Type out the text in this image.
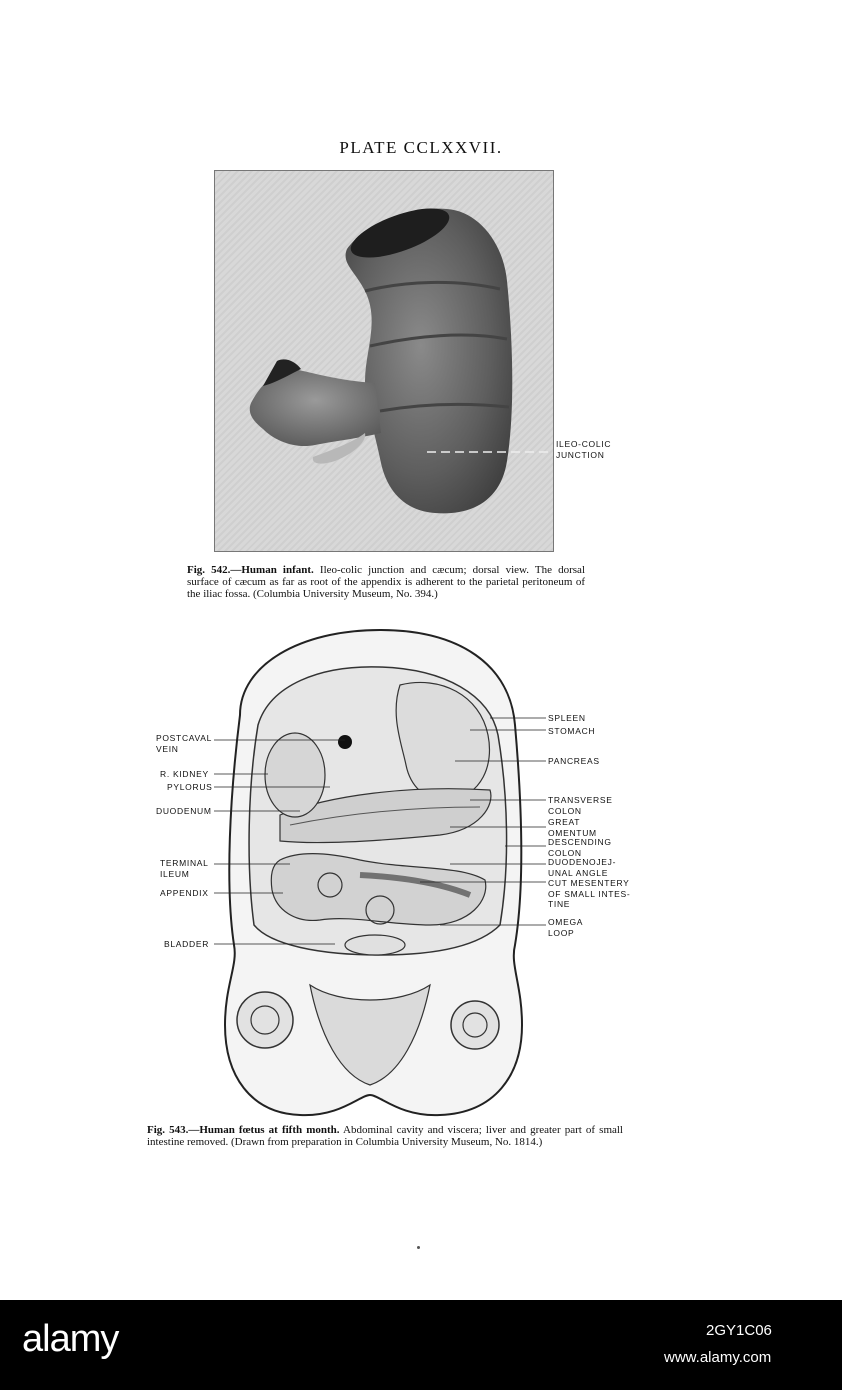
PLATE CCLXXVII.
ILEO-COLIC
JUNCTION
Fig. 542.—Human infant. Ileo-colic junction and cæcum; dorsal view. The dorsal surface of cæcum as far as root of the appendix is adherent to the parietal peritoneum of the iliac fossa. (Columbia University Museum, No. 394.)
POSTCAVAL
VEIN
R. KIDNEY
PYLORUS
DUODENUM
TERMINAL
ILEUM
APPENDIX
BLADDER
SPLEEN
STOMACH
PANCREAS
TRANSVERSE
COLON
GREAT
OMENTUM
DESCENDING
COLON
DUODENOJEJ-
UNAL ANGLE
CUT MESENTERY
OF SMALL INTES-
TINE
OMEGA
LOOP
Fig. 543.—Human fœtus at fifth month. Abdominal cavity and viscera; liver and greater part of small intestine removed. (Drawn from preparation in Columbia University Museum, No. 1814.)
alamy	2GY1C06
www.alamy.com
